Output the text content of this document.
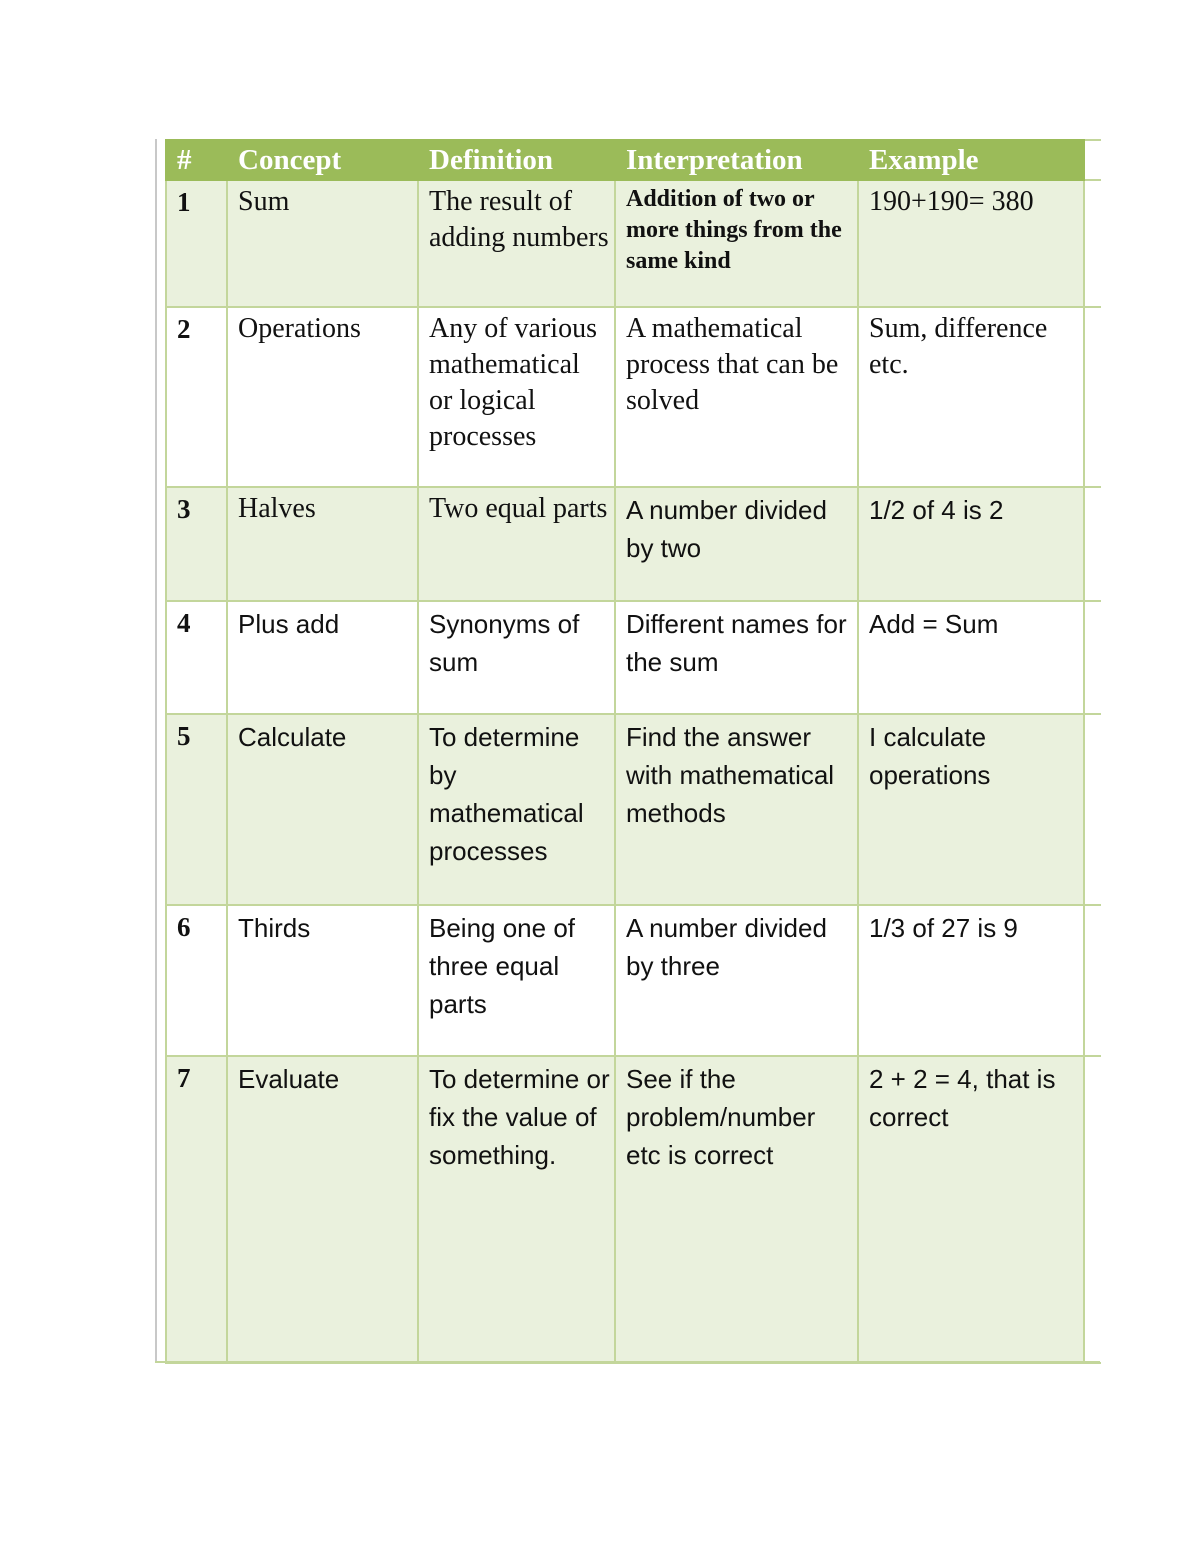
#	Concept	Definition	Interpretation	Example	
1	Sum	The result of adding numbers	Addition of two or more things from the same kind	190+190= 380	
2	Operations	Any of various mathematical or logical processes	A mathematical process that can be solved	Sum, difference etc.	
3	Halves	Two equal parts	A number divided by two	1/2 of 4 is 2	
4	Plus add	Synonyms of sum	Different names for the sum	Add = Sum	
5	Calculate	To determine by mathematical processes	Find the answer with mathematical methods	I calculate operations	
6	Thirds	Being one of three equal parts	A number divided by three	1/3 of 27 is 9	
7	Evaluate	To determine or fix the value of something.	See if the problem/number etc is correct	2 + 2 = 4, that is correct	
